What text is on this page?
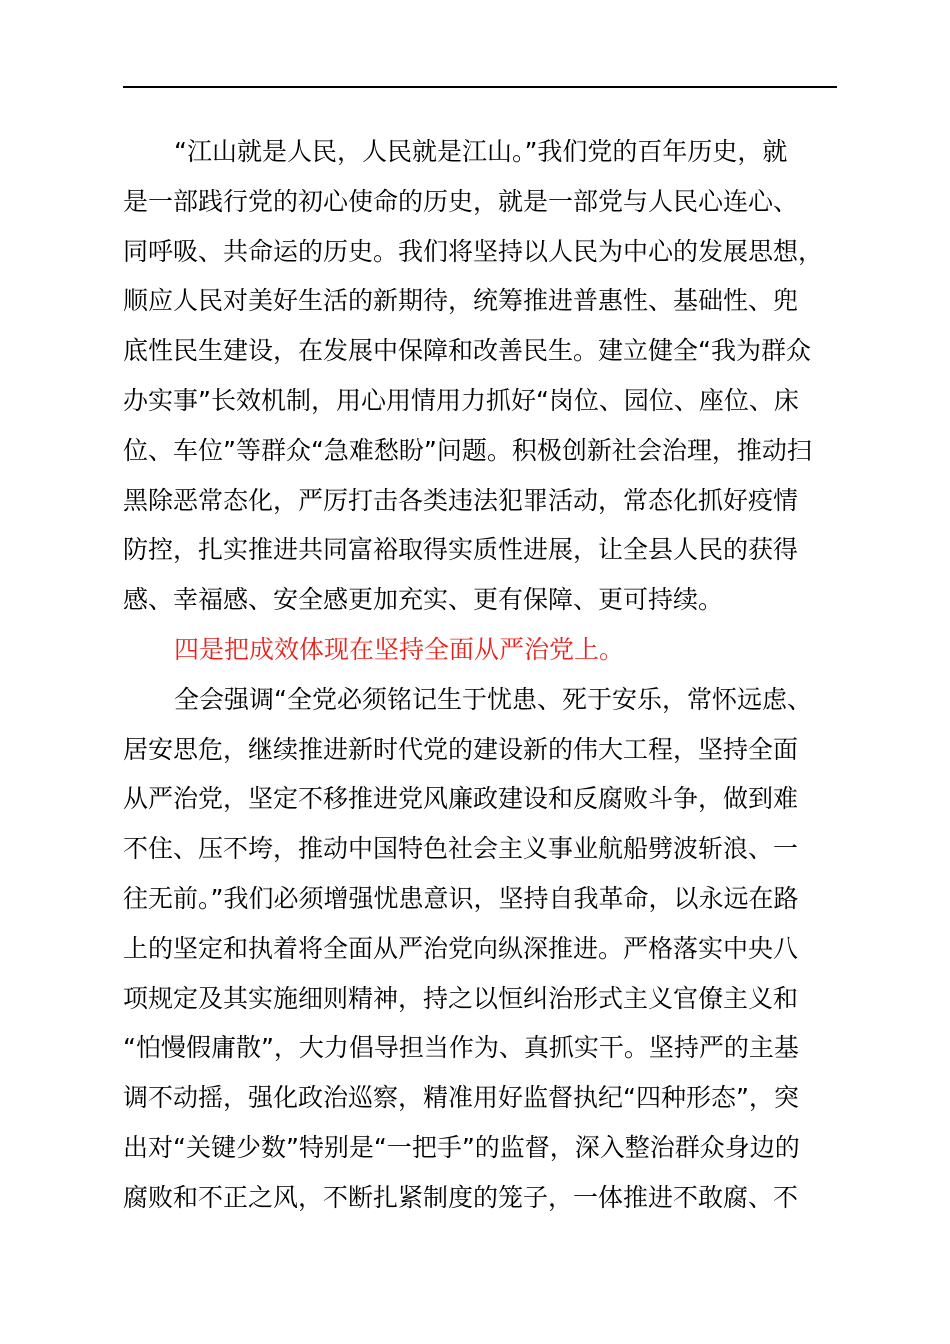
“江山就是人民，人民就是江山。”我们党的百年历史，就
是一部践行党的初心使命的历史，就是一部党与人民心连心、
同呼吸、共命运的历史。我们将坚持以人民为中心的发展思想，
顺应人民对美好生活的新期待，统筹推进普惠性、基础性、兜
底性民生建设，在发展中保障和改善民生。建立健全“我为群众
办实事”长效机制，用心用情用力抓好“岗位、园位、座位、床
位、车位”等群众“急难愁盼”问题。积极创新社会治理，推动扫
黑除恶常态化，严厉打击各类违法犯罪活动，常态化抓好疫情
防控，扎实推进共同富裕取得实质性进展，让全县人民的获得
感、幸福感、安全感更加充实、更有保障、更可持续。
四是把成效体现在坚持全面从严治党上。
全会强调“全党必须铭记生于忧患、死于安乐，常怀远虑、
居安思危，继续推进新时代党的建设新的伟大工程，坚持全面
从严治党，坚定不移推进党风廉政建设和反腐败斗争，做到难
不住、压不垮，推动中国特色社会主义事业航船劈波斩浪、一
往无前。”我们必须增强忧患意识，坚持自我革命，以永远在路
上的坚定和执着将全面从严治党向纵深推进。严格落实中央八
项规定及其实施细则精神，持之以恒纠治形式主义官僚主义和
“怕慢假庸散”，大力倡导担当作为、真抓实干。坚持严的主基
调不动摇，强化政治巡察，精准用好监督执纪“四种形态”，突
出对“关键少数”特别是“一把手”的监督，深入整治群众身边的
腐败和不正之风，不断扎紧制度的笼子，一体推进不敢腐、不
